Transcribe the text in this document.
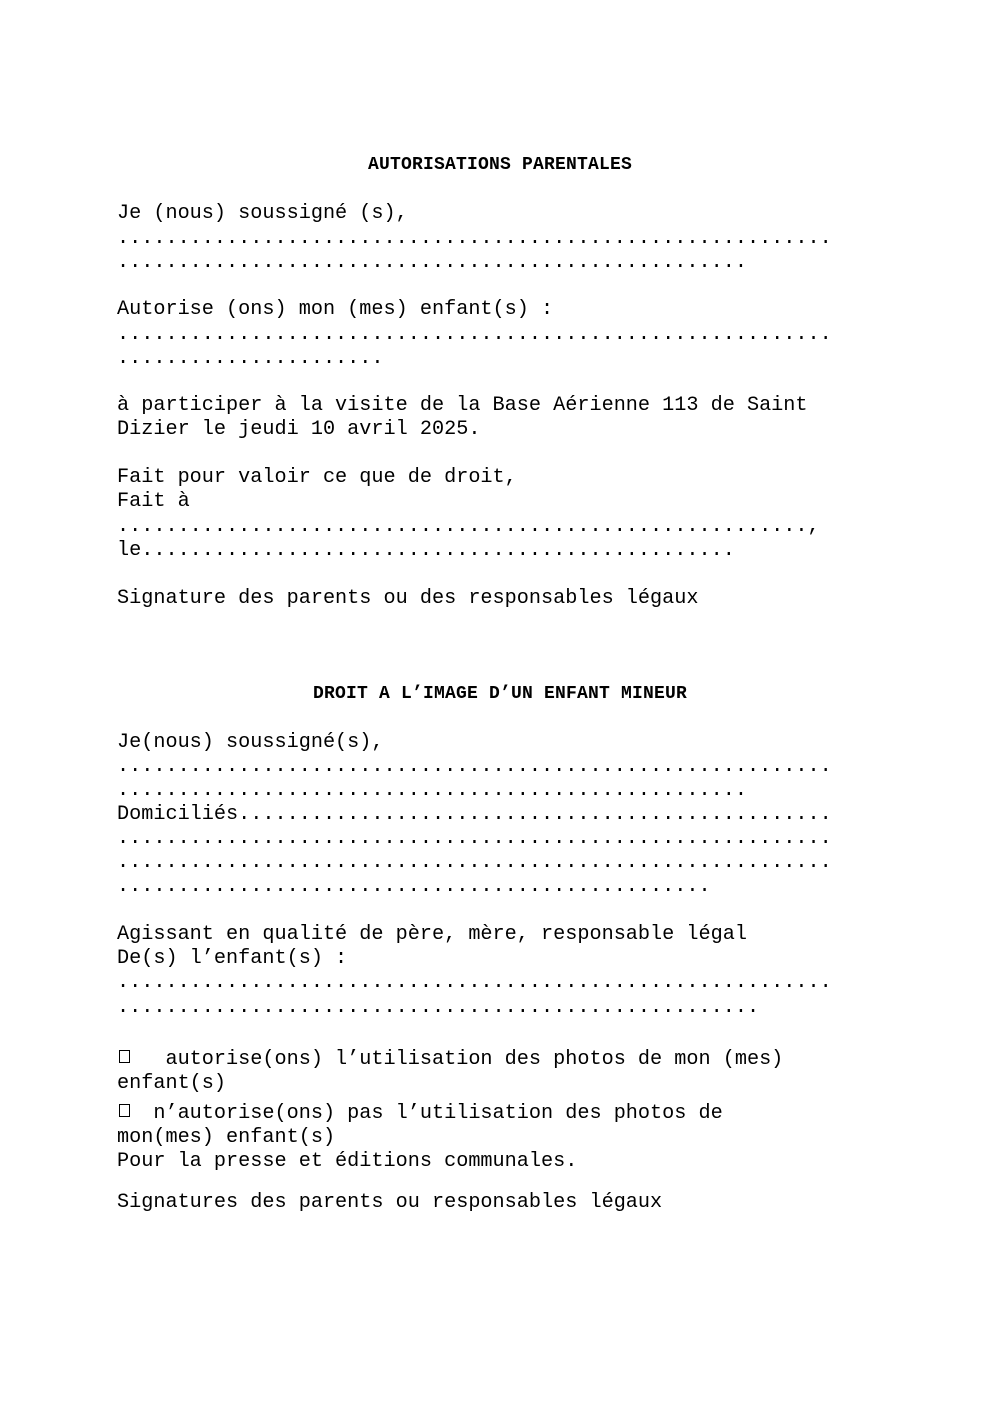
AUTORISATIONS PARENTALES
Je (nous) soussigné (s),
...........................................................
....................................................
Autorise (ons) mon (mes) enfant(s) :
...........................................................
......................
à participer à la visite de la Base Aérienne 113 de Saint
Dizier le jeudi 10 avril 2025.
Fait pour valoir ce que de droit,
Fait à
.........................................................,
le.................................................
Signature des parents ou des responsables légaux
DROIT A L’IMAGE D’UN ENFANT MINEUR
Je(nous) soussigné(s),
...........................................................
....................................................
Domiciliés.................................................
...........................................................
...........................................................
.................................................
Agissant en qualité de père, mère, responsable légal
De(s) l’enfant(s) :
...........................................................
.....................................................
autorise(ons) l’utilisation des photos de mon (mes)
enfant(s)
n’autorise(ons) pas l’utilisation des photos de
mon(mes) enfant(s)
Pour la presse et éditions communales.
Signatures des parents ou responsables légaux
